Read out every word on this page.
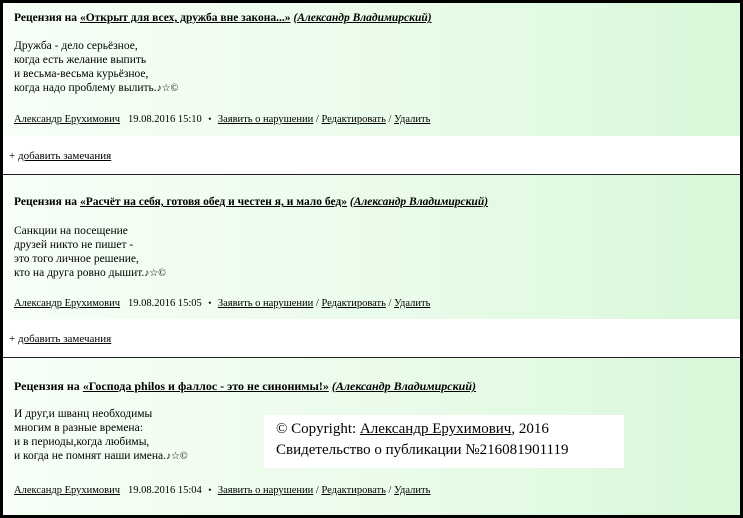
Рецензия на «Открыт для всех, дружба вне закона...» (Александр Владимирский)
Дружба - дело серьёзное,
когда есть желание выпить
и весьма-весьма курьёзное,
когда надо проблему вылить.♪☆©
Александр Ерухимович 19.08.2016 15:10 • Заявить о нарушении / Редактировать / Удалить
+ добавить замечания
Рецензия на «Расчёт на себя, готовя обед и честен я, и мало бед» (Александр Владимирский)
Санкции на посещение
друзей никто не пишет -
это того личное решение,
кто на друга ровно дышит.♪☆©
Александр Ерухимович 19.08.2016 15:05 • Заявить о нарушении / Редактировать / Удалить
+ добавить замечания
Рецензия на «Господа philos и фаллос - это не синонимы!» (Александр Владимирский)
И друг,и шванц необходимы
многим в разные времена:
и в периоды,когда любимы,
и когда не помнят наши имена.♪☆©
Александр Ерухимович 19.08.2016 15:04 • Заявить о нарушении / Редактировать / Удалить
© Copyright: Александр Ерухимович, 2016
Свидетельство о публикации №216081901119
